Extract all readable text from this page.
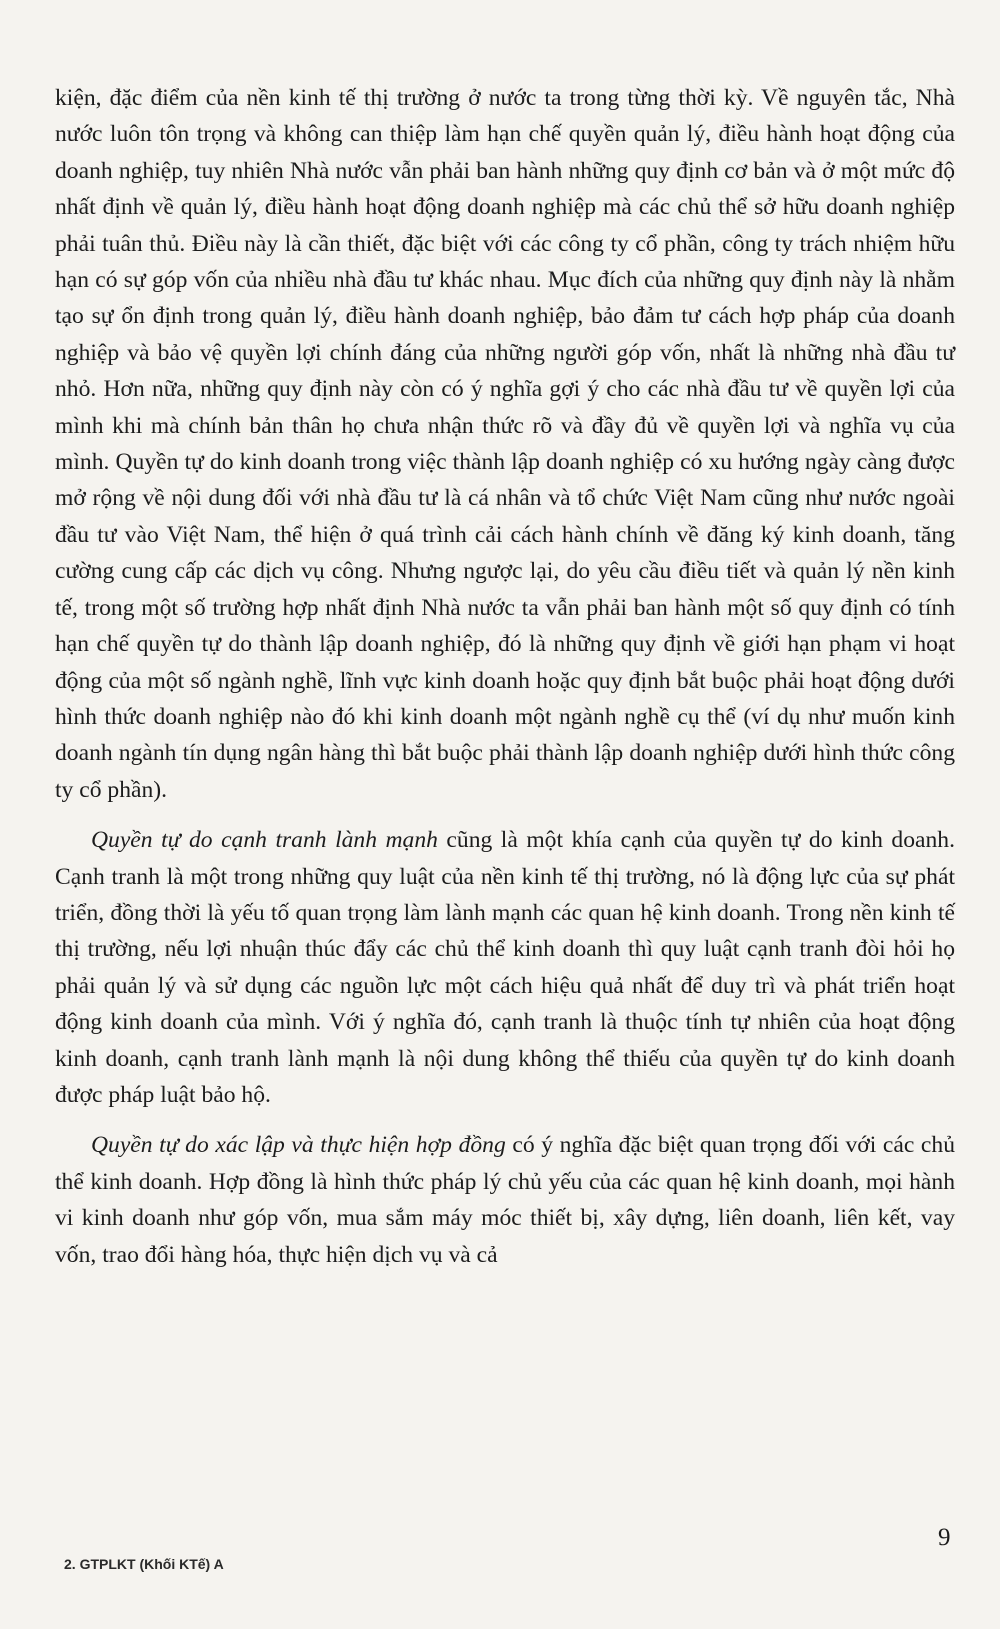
kiện, đặc điểm của nền kinh tế thị trường ở nước ta trong từng thời kỳ. Về nguyên tắc, Nhà nước luôn tôn trọng và không can thiệp làm hạn chế quyền quản lý, điều hành hoạt động của doanh nghiệp, tuy nhiên Nhà nước vẫn phải ban hành những quy định cơ bản và ở một mức độ nhất định về quản lý, điều hành hoạt động doanh nghiệp mà các chủ thể sở hữu doanh nghiệp phải tuân thủ. Điều này là cần thiết, đặc biệt với các công ty cổ phần, công ty trách nhiệm hữu hạn có sự góp vốn của nhiều nhà đầu tư khác nhau. Mục đích của những quy định này là nhằm tạo sự ổn định trong quản lý, điều hành doanh nghiệp, bảo đảm tư cách hợp pháp của doanh nghiệp và bảo vệ quyền lợi chính đáng của những người góp vốn, nhất là những nhà đầu tư nhỏ. Hơn nữa, những quy định này còn có ý nghĩa gợi ý cho các nhà đầu tư về quyền lợi của mình khi mà chính bản thân họ chưa nhận thức rõ và đầy đủ về quyền lợi và nghĩa vụ của mình. Quyền tự do kinh doanh trong việc thành lập doanh nghiệp có xu hướng ngày càng được mở rộng về nội dung đối với nhà đầu tư là cá nhân và tổ chức Việt Nam cũng như nước ngoài đầu tư vào Việt Nam, thể hiện ở quá trình cải cách hành chính về đăng ký kinh doanh, tăng cường cung cấp các dịch vụ công. Nhưng ngược lại, do yêu cầu điều tiết và quản lý nền kinh tế, trong một số trường hợp nhất định Nhà nước ta vẫn phải ban hành một số quy định có tính hạn chế quyền tự do thành lập doanh nghiệp, đó là những quy định về giới hạn phạm vi hoạt động của một số ngành nghề, lĩnh vực kinh doanh hoặc quy định bắt buộc phải hoạt động dưới hình thức doanh nghiệp nào đó khi kinh doanh một ngành nghề cụ thể (ví dụ như muốn kinh doanh ngành tín dụng ngân hàng thì bắt buộc phải thành lập doanh nghiệp dưới hình thức công ty cổ phần).

Quyền tự do cạnh tranh lành mạnh cũng là một khía cạnh của quyền tự do kinh doanh. Cạnh tranh là một trong những quy luật của nền kinh tế thị trường, nó là động lực của sự phát triển, đồng thời là yếu tố quan trọng làm lành mạnh các quan hệ kinh doanh. Trong nền kinh tế thị trường, nếu lợi nhuận thúc đẩy các chủ thể kinh doanh thì quy luật cạnh tranh đòi hỏi họ phải quản lý và sử dụng các nguồn lực một cách hiệu quả nhất để duy trì và phát triển hoạt động kinh doanh của mình. Với ý nghĩa đó, cạnh tranh là thuộc tính tự nhiên của hoạt động kinh doanh, cạnh tranh lành mạnh là nội dung không thể thiếu của quyền tự do kinh doanh được pháp luật bảo hộ.

Quyền tự do xác lập và thực hiện hợp đồng có ý nghĩa đặc biệt quan trọng đối với các chủ thể kinh doanh. Hợp đồng là hình thức pháp lý chủ yếu của các quan hệ kinh doanh, mọi hành vi kinh doanh như góp vốn, mua sắm máy móc thiết bị, xây dựng, liên doanh, liên kết, vay vốn, trao đổi hàng hóa, thực hiện dịch vụ và cả

9
2. GTPLKT (Khối KTế) A
